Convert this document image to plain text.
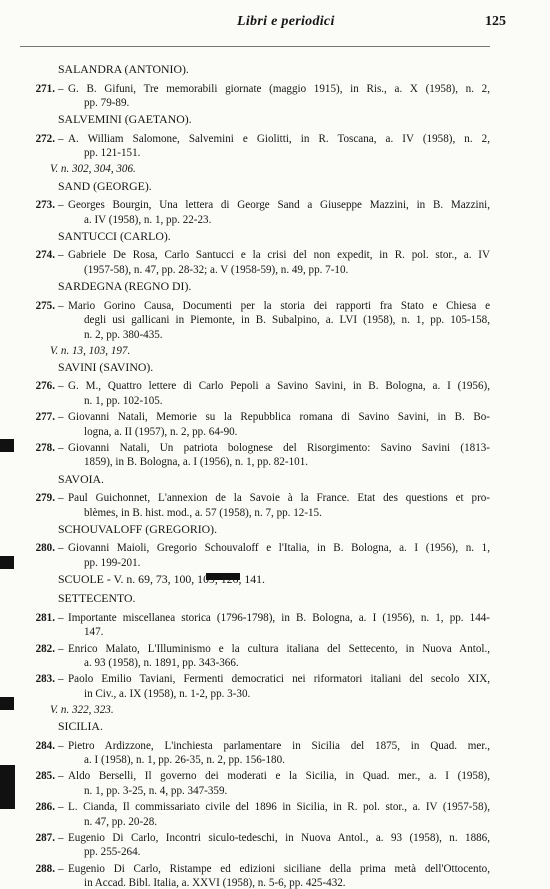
Libri e periodici	125
SALANDRA (ANTONIO).
271. – G. B. Gifuni, Tre memorabili giornate (maggio 1915), in Ris., a. X (1958), n. 2,
pp. 79-89.
SALVEMINI (GAETANO).
272. – A. William Salomone, Salvemini e Giolitti, in R. Toscana, a. IV (1958), n. 2,
pp. 121-151.
V. n. 302, 304, 306.
SAND (GEORGE).
273. – Georges Bourgin, Una lettera di George Sand a Giuseppe Mazzini, in B. Mazzini,
a. IV (1958), n. 1, pp. 22-23.
SANTUCCI (CARLO).
274. – Gabriele De Rosa, Carlo Santucci e la crisi del non expedit, in R. pol. stor., a. IV
(1957-58), n. 47, pp. 28-32; a. V (1958-59), n. 49, pp. 7-10.
SARDEGNA (REGNO DI).
275. – Mario Gorino Causa, Documenti per la storia dei rapporti fra Stato e Chiesa e
degli usi gallicani in Piemonte, in B. Subalpino, a. LVI (1958), n. 1, pp. 105-158,
n. 2, pp. 380-435.
V. n. 13, 103, 197.
SAVINI (SAVINO).
276. – G. M., Quattro lettere di Carlo Pepoli a Savino Savini, in B. Bologna, a. I (1956),
n. 1, pp. 102-105.
277. – Giovanni Natali, Memorie su la Repubblica romana di Savino Savini, in B. Bo-
logna, a. II (1957), n. 2, pp. 64-90.
278. – Giovanni Natali, Un patriota bolognese del Risorgimento: Savino Savini (1813-
1859), in B. Bologna, a. I (1956), n. 1, pp. 82-101.
SAVOIA.
279. – Paul Guichonnet, L'annexion de la Savoie à la France. Etat des questions et pro-
blèmes, in B. hist. mod., a. 57 (1958), n. 7, pp. 12-15.
SCHOUVALOFF (GREGORIO).
280. – Giovanni Maioli, Gregorio Schouvaloff e l'Italia, in B. Bologna, a. I (1956), n. 1,
pp. 199-201.
SCUOLE - V. n. 69, 73, 100, 109, 126, 141.
SETTECENTO.
281. – Importante miscellanea storica (1796-1798), in B. Bologna, a. I (1956), n. 1, pp. 144-
147.
282. – Enrico Malato, L'Illuminismo e la cultura italiana del Settecento, in Nuova Antol.,
a. 93 (1958), n. 1891, pp. 343-366.
283. – Paolo Emilio Taviani, Fermenti democratici nei riformatori italiani del secolo XIX,
in Civ., a. IX (1958), n. 1-2, pp. 3-30.
V. n. 322, 323.
SICILIA.
284. – Pietro Ardizzone, L'inchiesta parlamentare in Sicilia del 1875, in Quad. mer.,
a. I (1958), n. 1, pp. 26-35, n. 2, pp. 156-180.
285. – Aldo Berselli, Il governo dei moderati e la Sicilia, in Quad. mer., a. I (1958),
n. 1, pp. 3-25, n. 4, pp. 347-359.
286. – L. Cianda, Il commissariato civile del 1896 in Sicilia, in R. pol. stor., a. IV (1957-58),
n. 47, pp. 20-28.
287. – Eugenio Di Carlo, Incontri siculo-tedeschi, in Nuova Antol., a. 93 (1958), n. 1886,
pp. 255-264.
288. – Eugenio Di Carlo, Ristampe ed edizioni siciliane della prima metà dell'Ottocento,
in Accad. Bibl. Italia, a. XXVI (1958), n. 5-6, pp. 425-432.
